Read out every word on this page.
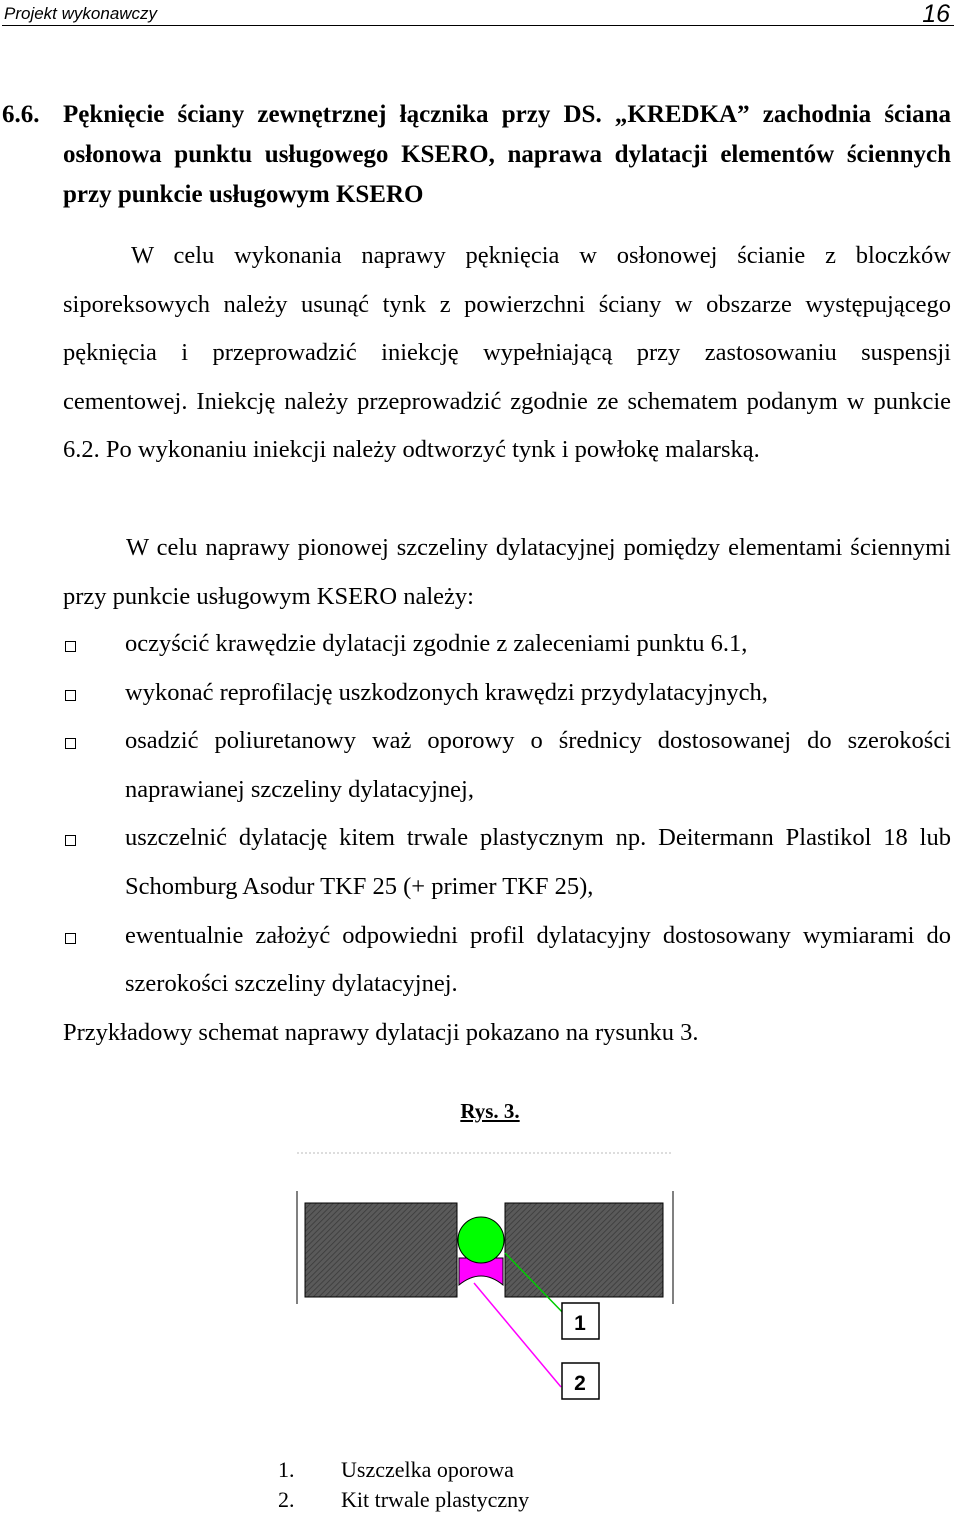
Projekt wykonawczy	16
6.6. Pęknięcie ściany zewnętrznej łącznika przy DS. „KREDKA” zachodnia ściana osłonowa punktu usługowego KSERO, naprawa dylatacji elementów ściennych przy punkcie usługowym KSERO
W celu wykonania naprawy pęknięcia w osłonowej ścianie z bloczków siporeksowych należy usunąć tynk z powierzchni ściany w obszarze występującego pęknięcia i przeprowadzić iniekcję wypełniającą przy zastosowaniu suspensji cementowej. Iniekcję należy przeprowadzić zgodnie ze schematem podanym w punkcie 6.2. Po wykonaniu iniekcji należy odtworzyć tynk i powłokę malarską.
W celu naprawy pionowej szczeliny dylatacyjnej pomiędzy elementami ściennymi przy punkcie usługowym KSERO należy:
oczyścić krawędzie dylatacji zgodnie z zaleceniami punktu 6.1,
wykonać reprofilację uszkodzonych krawędzi przydylatacyjnych,
osadzić poliuretanowy waż oporowy o średnicy dostosowanej do szerokości naprawianej szczeliny dylatacyjnej,
uszczelnić dylatację kitem trwale plastycznym np. Deitermann Plastikol 18 lub Schomburg Asodur TKF 25 (+ primer TKF 25),
ewentualnie założyć odpowiedni profil dylatacyjny dostosowany wymiarami do szerokości szczeliny dylatacyjnej.
Przykładowy schemat naprawy dylatacji pokazano na rysunku 3.
Rys. 3.
1
2
1. Uszczelka oporowa
2. Kit trwale plastyczny
